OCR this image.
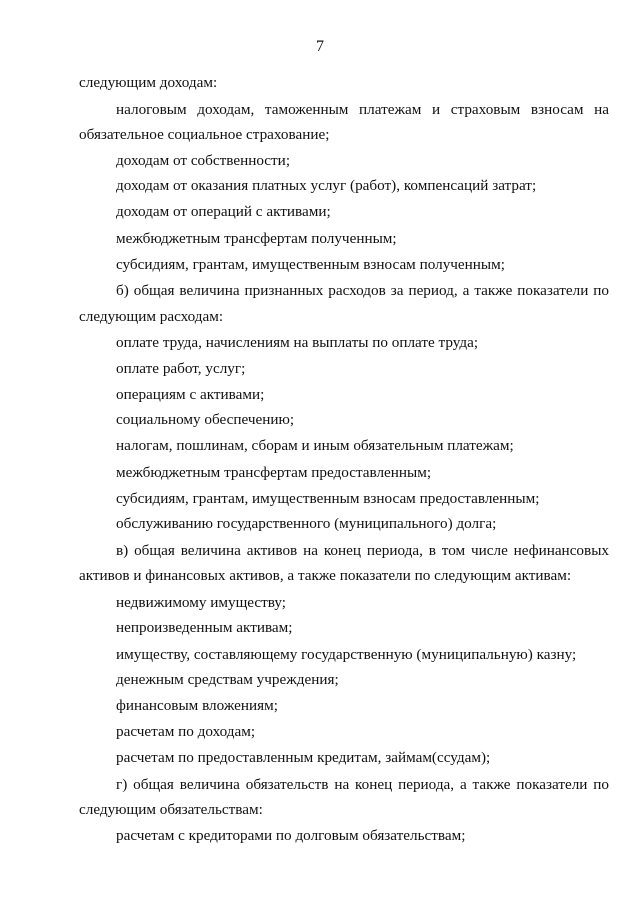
7
следующим доходам:
налоговым доходам, таможенным платежам и страховым взносам на
обязательное социальное страхование;
доходам от собственности;
доходам от оказания платных услуг (работ), компенсаций затрат;
доходам от операций с активами;
межбюджетным трансфертам полученным;
субсидиям, грантам, имущественным взносам полученным;
б) общая величина признанных расходов за период, а также показатели по
следующим расходам:
оплате труда, начислениям на выплаты по оплате труда;
оплате работ, услуг;
операциям с активами;
социальному обеспечению;
налогам, пошлинам, сборам и иным обязательным платежам;
межбюджетным трансфертам предоставленным;
субсидиям, грантам, имущественным взносам предоставленным;
обслуживанию государственного (муниципального) долга;
в) общая величина активов на конец периода, в том числе нефинансовых
активов и финансовых активов, а также показатели по следующим активам:
недвижимому имуществу;
непроизведенным активам;
имуществу, составляющему государственную (муниципальную) казну;
денежным средствам учреждения;
финансовым вложениям;
расчетам по доходам;
расчетам по предоставленным кредитам, займам(ссудам);
г) общая величина обязательств на конец периода, а также показатели по
следующим обязательствам:
расчетам с кредиторами по долговым обязательствам;
